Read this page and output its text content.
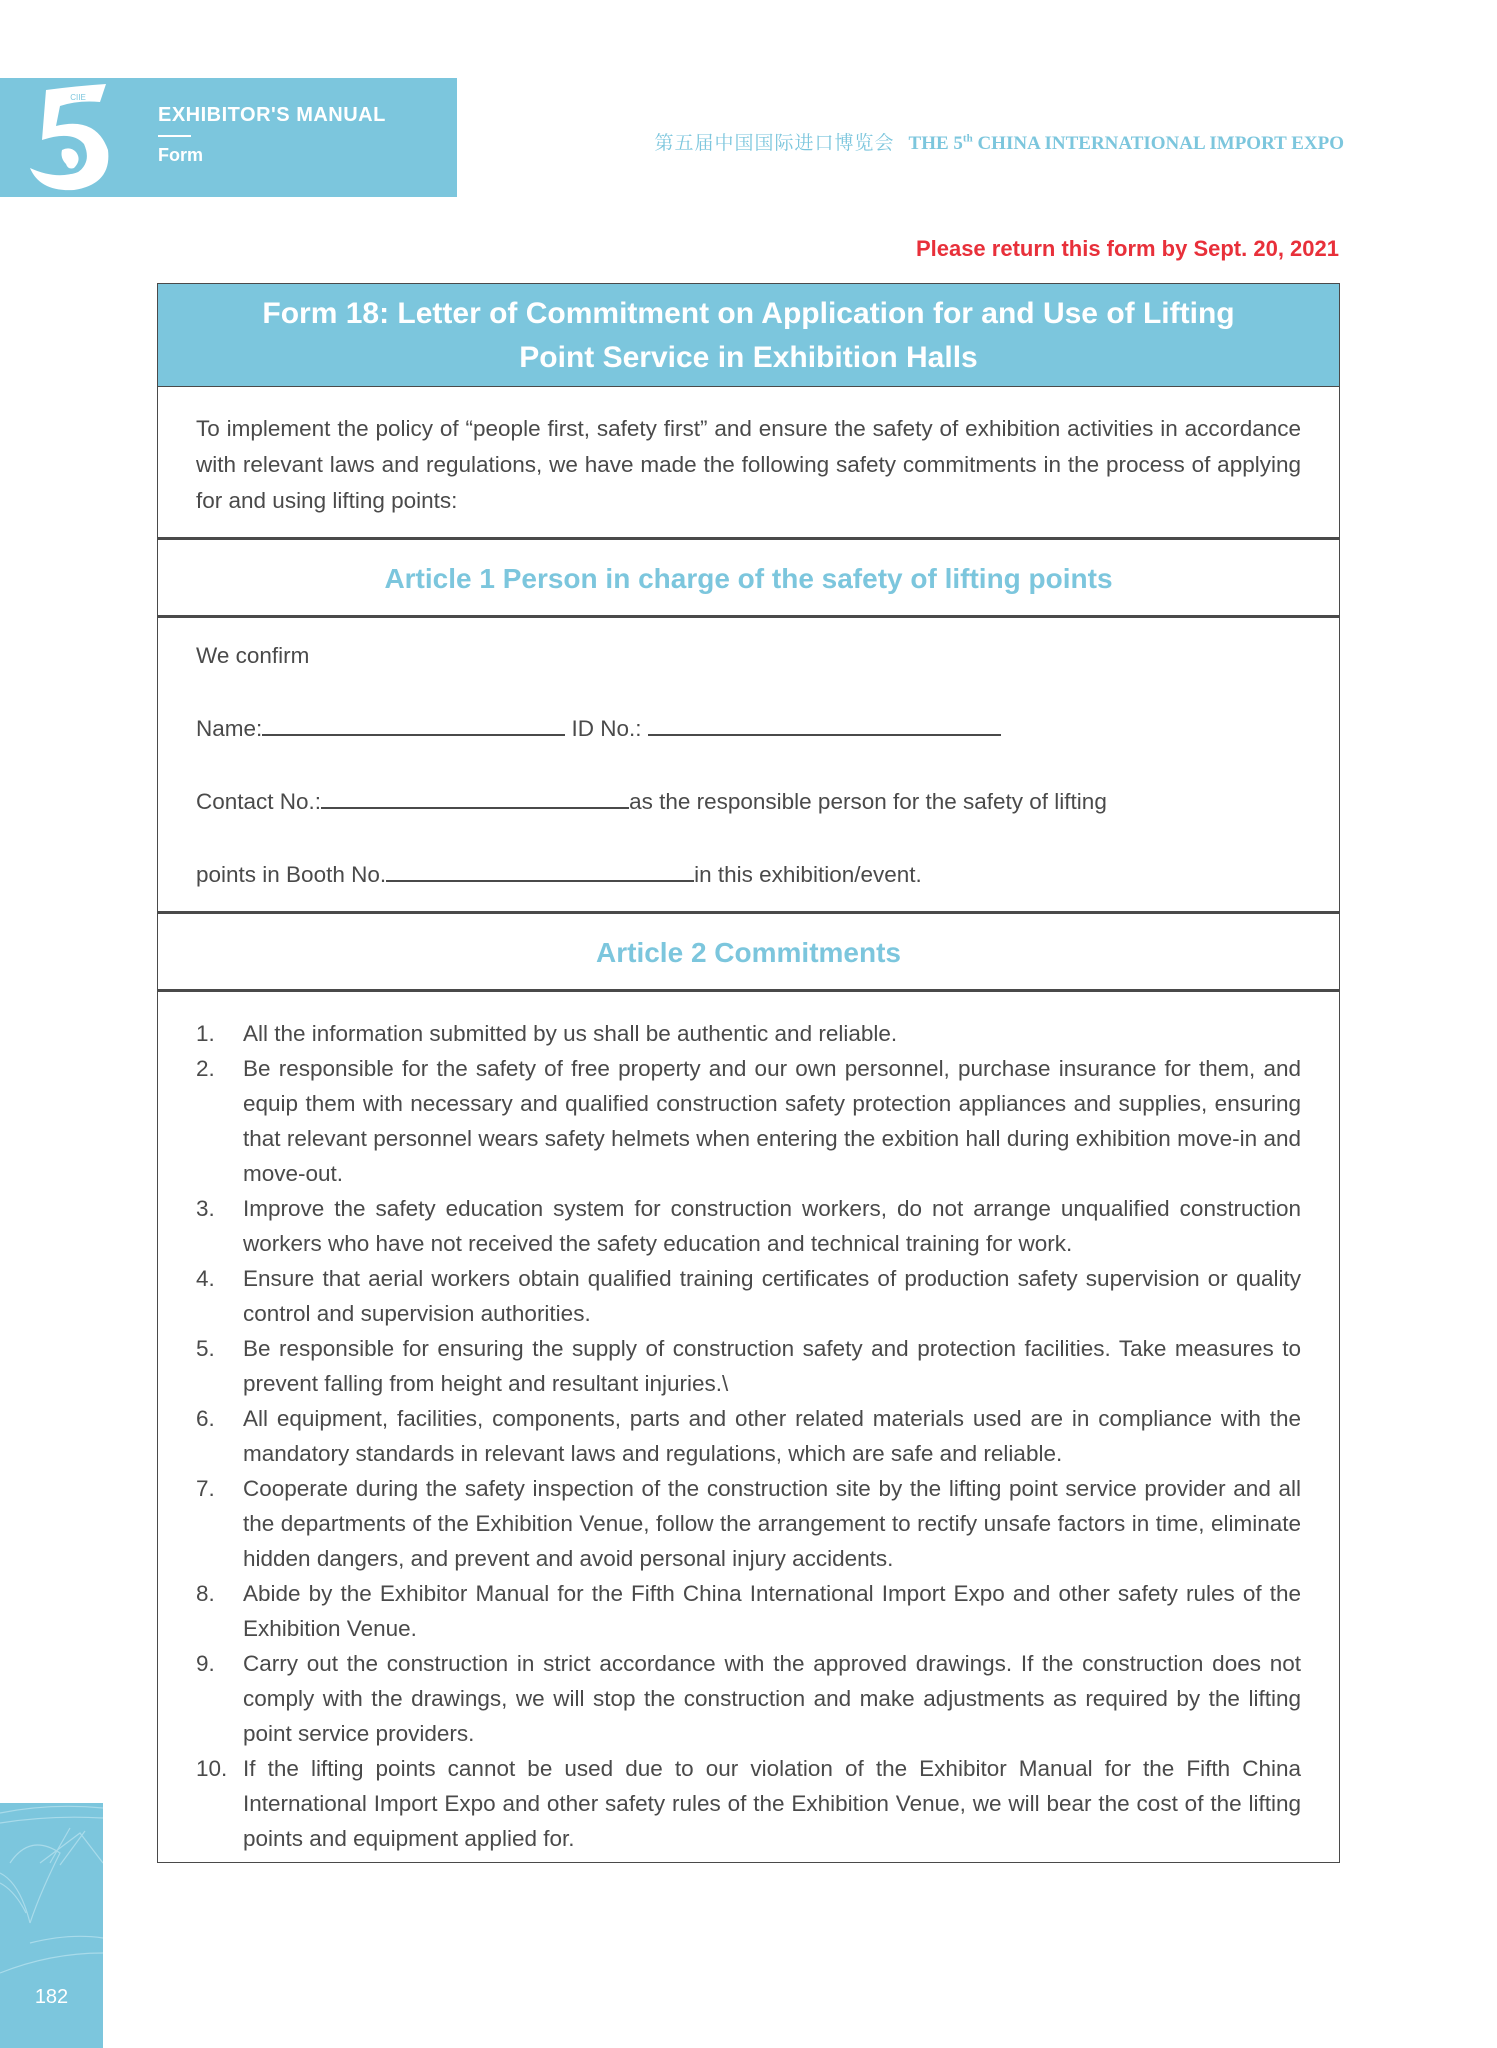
CIIE
EXHIBITOR'S MANUAL
Form
第五届中国国际进口博览会 THE 5th CHINA INTERNATIONAL IMPORT EXPO
Please return this form by Sept. 20, 2021
Form 18: Letter of Commitment on Application for and Use of Lifting
Point Service in Exhibition Halls
To implement the policy of “people first, safety first” and ensure the safety of exhibition activities in accordance with relevant laws and regulations, we have made the following safety commitments in the process of applying for and using lifting points:
Article 1 Person in charge of the safety of lifting points
We confirm
Name:	ID No.:
Contact No.:	as the responsible person for the safety of lifting
points in Booth No.	in this exhibition/event.
Article 2 Commitments
1.	All the information submitted by us shall be authentic and reliable.
2.	Be responsible for the safety of free property and our own personnel, purchase insurance for them, and equip them with necessary and qualified construction safety protection appliances and supplies, ensuring that relevant personnel wears safety helmets when entering the exbition hall during exhibition move-in and move-out.
3.	Improve the safety education system for construction workers, do not arrange unqualified construction workers who have not received the safety education and technical training for work.
4.	Ensure that aerial workers obtain qualified training certificates of production safety supervision or quality control and supervision authorities.
5.	Be responsible for ensuring the supply of construction safety and protection facilities. Take measures to prevent falling from height and resultant injuries.\
6.	All equipment, facilities, components, parts and other related materials used are in compliance with the mandatory standards in relevant laws and regulations, which are safe and reliable.
7.	Cooperate during the safety inspection of the construction site by the lifting point service provider and all the departments of the Exhibition Venue, follow the arrangement to rectify unsafe factors in time, eliminate hidden dangers, and prevent and avoid personal injury accidents.
8.	Abide by the Exhibitor Manual for the Fifth China International Import Expo and other safety rules of the Exhibition Venue.
9.	Carry out the construction in strict accordance with the approved drawings. If the construction does not comply with the drawings, we will stop the construction and make adjustments as required by the lifting point service providers.
10. If the lifting points cannot be used due to our violation of the Exhibitor Manual for the Fifth China International Import Expo and other safety rules of the Exhibition Venue, we will bear the cost of the lifting points and equipment applied for.
182
